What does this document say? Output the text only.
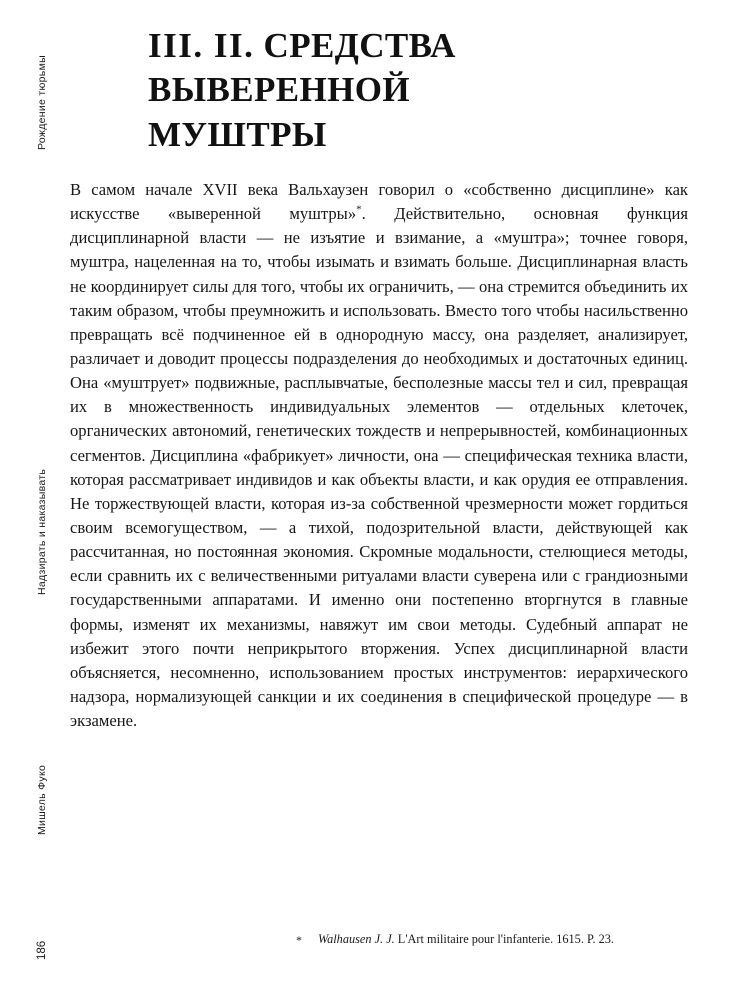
Рождение тюрьмы
Надзирать и наказывать
Мишель Фуко
186
III. II. СРЕДСТВА
ВЫВЕРЕННОЙ
МУШТРЫ

В самом начале XVII века Вальхаузен говорил о «собственно дисциплине» как искусстве «выверенной муштры»*. Действительно, основная функция дисциплинарной власти — не изъятие и взимание, а «муштра»; точнее говоря, муштра, нацеленная на то, чтобы изымать и взимать больше. Дисциплинарная власть не координирует силы для того, чтобы их ограничить, — она стремится объединить их таким образом, чтобы преумножить и использовать. Вместо того чтобы насильственно превращать всё подчиненное ей в однородную массу, она разделяет, анализирует, различает и доводит процессы подразделения до необходимых и достаточных единиц. Она «муштрует» подвижные, расплывчатые, бесполезные массы тел и сил, превращая их в множественность индивидуальных элементов — отдельных клеточек, органических автономий, генетических тождеств и непрерывностей, комбинационных сегментов. Дисциплина «фабрикует» личности, она — специфическая техника власти, которая рассматривает индивидов и как объекты власти, и как орудия ее отправления. Не торжествующей власти, которая из-за собственной чрезмерности может гордиться своим всемогуществом, — а тихой, подозрительной власти, действующей как рассчитанная, но постоянная экономия. Скромные модальности, стелющиеся методы, если сравнить их с величественными ритуалами власти суверена или с грандиозными государственными аппаратами. И именно они постепенно вторгнутся в главные формы, изменят их механизмы, навяжут им свои методы. Судебный аппарат не избежит этого почти неприкрытого вторжения. Успех дисциплинарной власти объясняется, несомненно, использованием простых инструментов: иерархического надзора, нормализующей санкции и их соединения в специфической процедуре — в экзамене.

* Walhausen J. J. L'Art militaire pour l'infanterie. 1615. P. 23.
